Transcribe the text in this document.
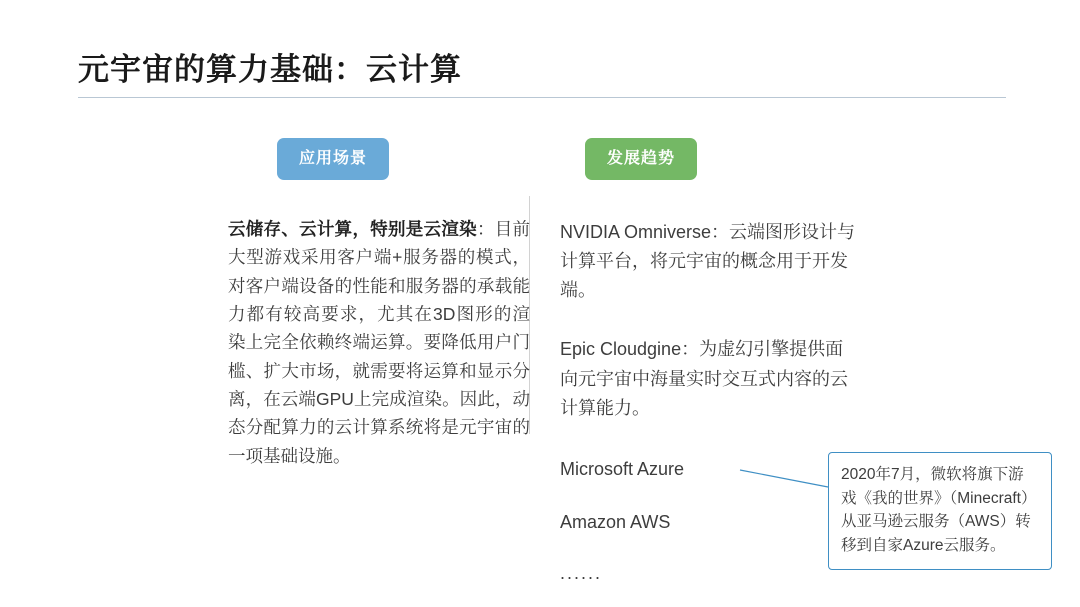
元宇宙的算力基础：云计算
应用场景
云储存、云计算，特别是云渲染：目前大型游戏采用客户端+服务器的模式，对客户端设备的性能和服务器的承载能力都有较高要求，尤其在3D图形的渲染上完全依赖终端运算。要降低用户门槛、扩大市场，就需要将运算和显示分离，在云端GPU上完成渲染。因此，动态分配算力的云计算系统将是元宇宙的一项基础设施。
发展趋势
NVIDIA Omniverse：云端图形设计与计算平台，将元宇宙的概念用于开发端。
Epic Cloudgine：为虚幻引擎提供面向元宇宙中海量实时交互式内容的云计算能力。
Microsoft Azure
Amazon AWS
......
2020年7月，微软将旗下游戏《我的世界》（Minecraft）从亚马逊云服务（AWS）转移到自家Azure云服务。
